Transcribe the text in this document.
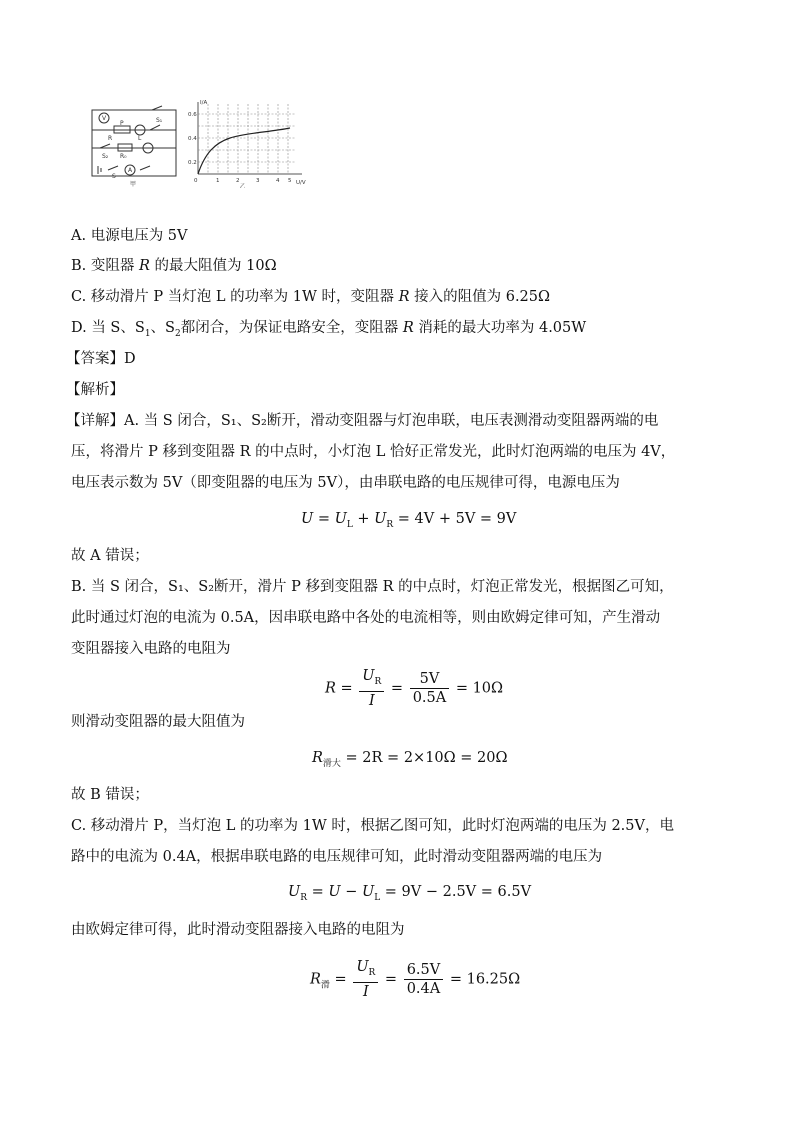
V
R
P	S₁
L
R₀
S₂
S
A
甲
I/A
U/V
0.6
0.4
0.2
0	1	2	3	4 5
乙
A. 电源电压为 5V
B. 变阻器 R 的最大阻值为 10Ω
C. 移动滑片 P 当灯泡 L 的功率为 1W 时，变阻器 R 接入的阻值为 6.25Ω
D. 当 S、$S_1$、$S_2$都闭合，为保证电路安全，变阻器 R 消耗的最大功率为 4.05W
【答案】D
【解析】
【详解】A. 当 S 闭合，S₁、S₂断开，滑动变阻器与灯泡串联，电压表测滑动变阻器两端的电
压，将滑片 P 移到变阻器 R 的中点时，小灯泡 L 恰好正常发光，此时灯泡两端的电压为 4V，
电压表示数为 5V（即变阻器的电压为 5V），由串联电路的电压规律可得，电源电压为
$U = U_L + U_R = 4V + 5V = 9V$
故 A 错误；
B. 当 S 闭合，S₁、S₂断开，滑片 P 移到变阻器 R 的中点时，灯泡正常发光，根据图乙可知，
此时通过灯泡的电流为 0.5A，因串联电路中各处的电流相等，则由欧姆定律可知，产生滑动
变阻器接入电路的电阻为
$R = \frac{U_R}{I} = \frac{5V}{0.5A} = 10\Omega$
则滑动变阻器的最大阻值为
$R_{滑大} = 2R = 2\times 10\Omega = 20\Omega$
故 B 错误；
C. 移动滑片 P，当灯泡 L 的功率为 1W 时，根据乙图可知，此时灯泡两端的电压为 2.5V，电
路中的电流为 0.4A，根据串联电路的电压规律可知，此时滑动变阻器两端的电压为
$U_R = U - U_L = 9V - 2.5V = 6.5V$
由欧姆定律可得，此时滑动变阻器接入电路的电阻为
$R_滑 = \frac{U_R}{I} = \frac{6.5V}{0.4A} = 16.25\Omega$
